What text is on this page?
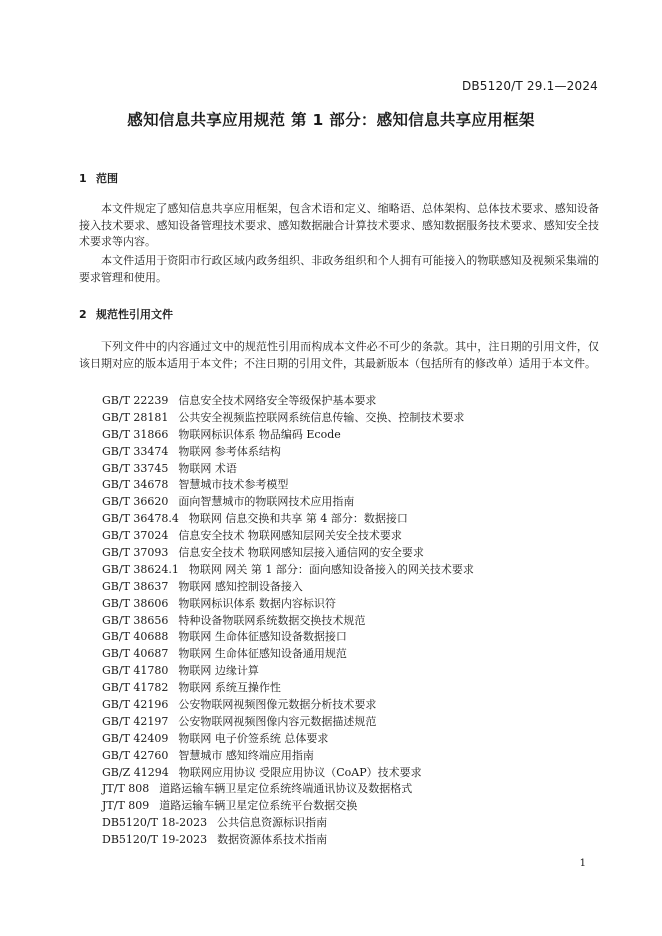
DB5120/T 29.1—2024
感知信息共享应用规范 第 1 部分：感知信息共享应用框架
1 范围

本文件规定了感知信息共享应用框架，包含术语和定义、缩略语、总体架构、总体技术要求、感知设备接入技术要求、感知设备管理技术要求、感知数据融合计算技术要求、感知数据服务技术要求、感知安全技术要求等内容。

本文件适用于资阳市行政区域内政务组织、非政务组织和个人拥有可能接入的物联感知及视频采集端的要求管理和使用。

2 规范性引用文件

下列文件中的内容通过文中的规范性引用而构成本文件必不可少的条款。其中，注日期的引用文件，仅该日期对应的版本适用于本文件；不注日期的引用文件，其最新版本（包括所有的修改单）适用于本文件。

GB/T 22239 信息安全技术网络安全等级保护基本要求
GB/T 28181 公共安全视频监控联网系统信息传输、交换、控制技术要求
GB/T 31866 物联网标识体系 物品编码 Ecode
GB/T 33474 物联网 参考体系结构
GB/T 33745 物联网 术语
GB/T 34678 智慧城市技术参考模型
GB/T 36620 面向智慧城市的物联网技术应用指南
GB/T 36478.4 物联网 信息交换和共享 第 4 部分：数据接口
GB/T 37024 信息安全技术 物联网感知层网关安全技术要求
GB/T 37093 信息安全技术 物联网感知层接入通信网的安全要求
GB/T 38624.1 物联网 网关 第 1 部分：面向感知设备接入的网关技术要求
GB/T 38637 物联网 感知控制设备接入
GB/T 38606 物联网标识体系 数据内容标识符
GB/T 38656 特种设备物联网系统数据交换技术规范
GB/T 40688 物联网 生命体征感知设备数据接口
GB/T 40687 物联网 生命体征感知设备通用规范
GB/T 41780 物联网 边缘计算
GB/T 41782 物联网 系统互操作性
GB/T 42196 公安物联网视频图像元数据分析技术要求
GB/T 42197 公安物联网视频图像内容元数据描述规范
GB/T 42409 物联网 电子价签系统 总体要求
GB/T 42760 智慧城市 感知终端应用指南
GB/Z 41294 物联网应用协议 受限应用协议（CoAP）技术要求
JT/T 808 道路运输车辆卫星定位系统终端通讯协议及数据格式
JT/T 809 道路运输车辆卫星定位系统平台数据交换
DB5120/T 18-2023 公共信息资源标识指南
DB5120/T 19-2023 数据资源体系技术指南
1
